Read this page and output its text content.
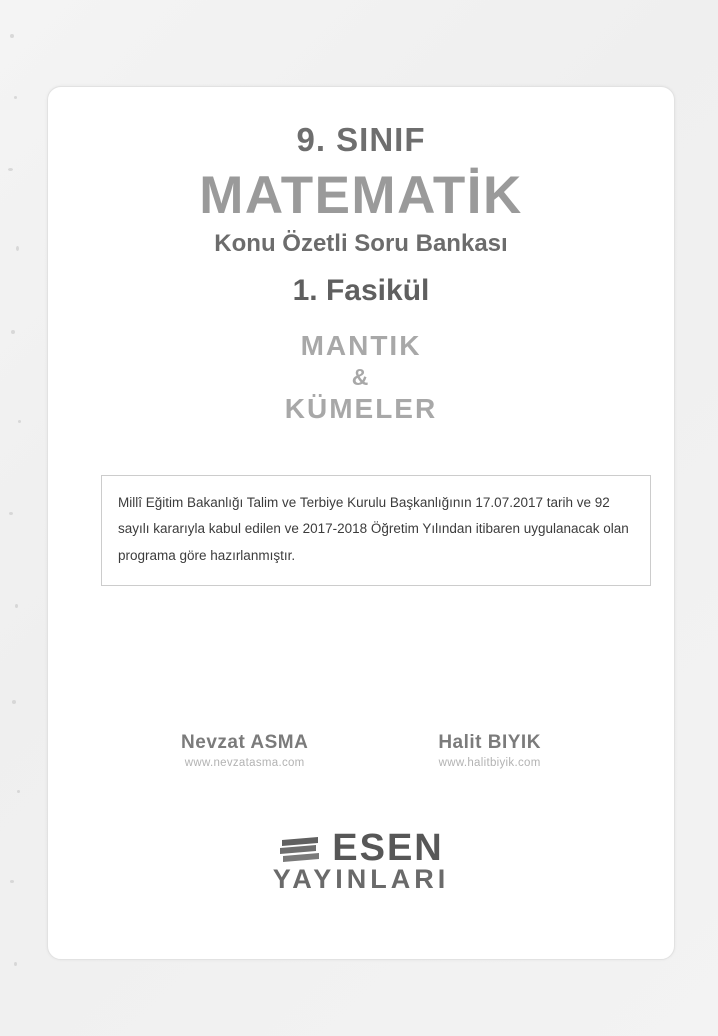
9. SINIF
MATEMATİK
Konu Özetli Soru Bankası
1. Fasikül
MANTIK
&
KÜMELER
Millî Eğitim Bakanlığı Talim ve Terbiye Kurulu Başkanlığının 17.07.2017 tarih ve 92 sayılı kararıyla kabul edilen ve 2017-2018 Öğretim Yılından itibaren uygulanacak olan programa göre hazırlanmıştır.
Nevzat ASMA
www.nevzatasma.com
Halit BIYIK
www.halitbiyik.com
ESEN
YAYINLARI
